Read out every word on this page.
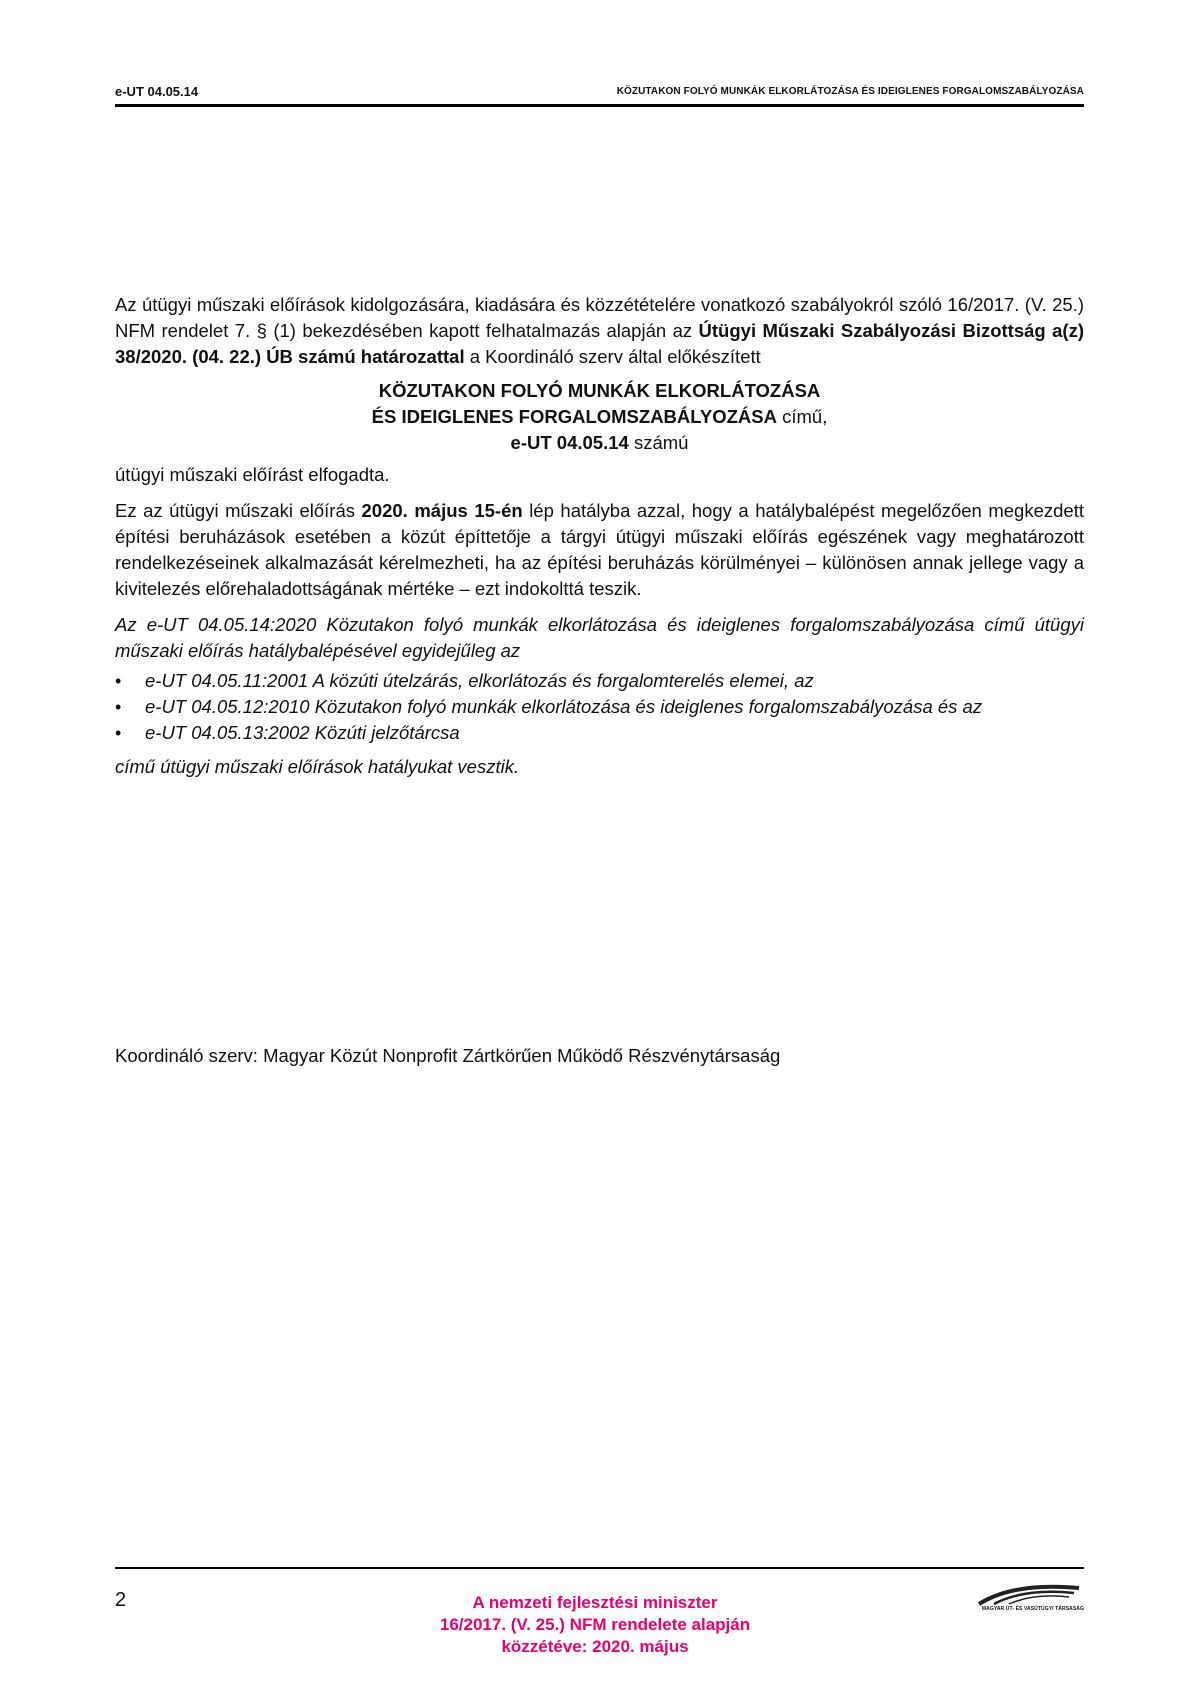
e-UT 04.05.14	KÖZUTAKON FOLYÓ MUNKÁK ELKORLÁTOZÁSA ÉS IDEIGLENES FORGALOMSZABÁLYOZÁSA

Az útügyi műszaki előírások kidolgozására, kiadására és közzétételére vonatkozó szabályokról szóló 16/2017. (V. 25.) NFM rendelet 7. § (1) bekezdésében kapott felhatalmazás alapján az Útügyi Műszaki Szabályozási Bizottság a(z) 38/2020. (04. 22.) ÚB számú határozattal a Koordináló szerv által előkészített

KÖZUTAKON FOLYÓ MUNKÁK ELKORLÁTOZÁSA
ÉS IDEIGLENES FORGALOMSZABÁLYOZÁSA című,
e-UT 04.05.14 számú

útügyi műszaki előírást elfogadta.

Ez az útügyi műszaki előírás 2020. május 15-én lép hatályba azzal, hogy a hatálybalépést megelőzően megkezdett építési beruházások esetében a közút építtetője a tárgyi útügyi műszaki előírás egészének vagy meghatározott rendelkezéseinek alkalmazását kérelmezheti, ha az építési beruházás körülményei – különösen annak jellege vagy a kivitelezés előrehaladottságának mértéke – ezt indokolttá teszik.

Az e-UT 04.05.14:2020 Közutakon folyó munkák elkorlátozása és ideiglenes forgalomszabályozása című útügyi műszaki előírás hatálybalépésével egyidejűleg az

• e-UT 04.05.11:2001 A közúti útelzárás, elkorlátozás és forgalomterelés elemei, az
• e-UT 04.05.12:2010 Közutakon folyó munkák elkorlátozása és ideiglenes forgalomszabályozása és az
• e-UT 04.05.13:2002 Közúti jelzőtárcsa

című útügyi műszaki előírások hatályukat vesztik.

Koordináló szerv: Magyar Közút Nonprofit Zártkörűen Működő Részvénytársaság
2	A nemzeti fejlesztési miniszter
16/2017. (V. 25.) NFM rendelete alapján
közzétéve: 2020. május
MAGYAR ÚT- ÉS VASÚTÜGYI TÁRSASÁG
